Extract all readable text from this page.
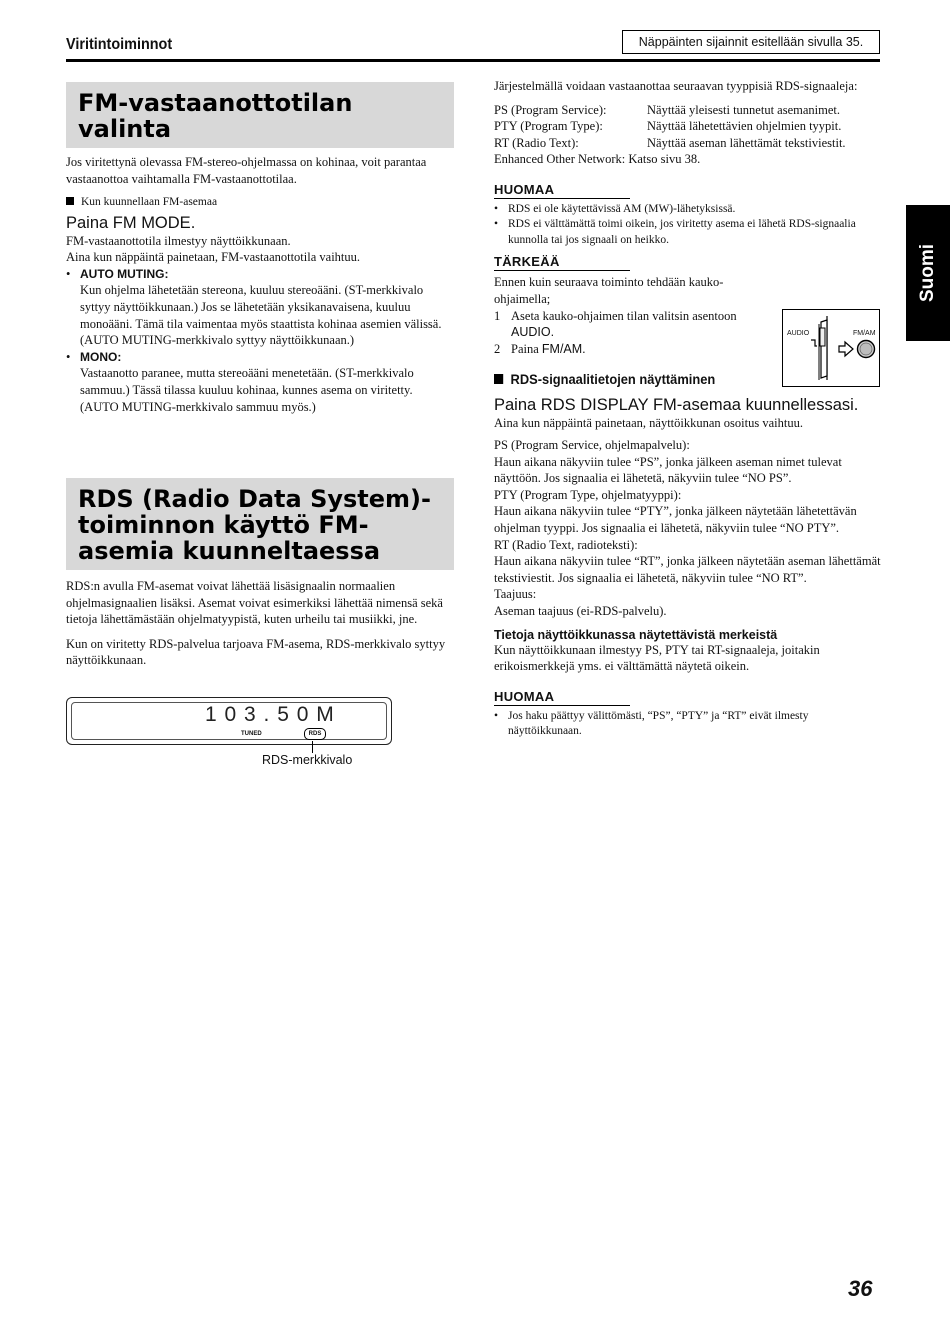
Viritintoiminnot	Näppäinten sijainnit esitellään sivulla 35.
Suomi
FM-vastaanottotilan valinta

Jos viritettynä olevassa FM-stereo-ohjelmassa on kohinaa, voit parantaa vastaanottoa vaihtamalla FM-vastaanottotilaa.

Kun kuunnellaan FM-asemaa

Paina FM MODE.

FM-vastaanottotila ilmestyy näyttöikkunaan.

Aina kun näppäintä painetaan, FM-vastaanottotila vaihtuu.

• AUTO MUTING:
Kun ohjelma lähetetään stereona, kuuluu stereoääni. (ST-merkkivalo syttyy näyttöikkunaan.) Jos se lähetetään yksikanavaisena, kuuluu monoääni. Tämä tila vaimentaa myös staattista kohinaa asemien välissä. (AUTO MUTING-merkkivalo syttyy näyttöikkunaan.)
• MONO:
Vastaanotto paranee, mutta stereoääni menetetään. (ST-merkkivalo sammuu.) Tässä tilassa kuuluu kohinaa, kunnes asema on viritetty. (AUTO MUTING-merkkivalo sammuu myös.)
RDS (Radio Data System)-toiminnon käyttö FM-asemia kuunneltaessa

RDS:n avulla FM-asemat voivat lähettää lisäsignaalin normaalien ohjelmasignaalien lisäksi. Asemat voivat esimerkiksi lähettää nimensä sekä tietoja lähettämästään ohjelmatyypistä, kuten urheilu tai musiikki, jne.

Kun on viritetty RDS-palvelua tarjoava FM-asema, RDS-merkkivalo syttyy näyttöikkunaan.

1 0 3 . 5 0 M
TUNED	RDS
RDS-merkkivalo

Järjestelmällä voidaan vastaanottaa seuraavan tyyppisiä RDS-signaaleja:

PS (Program Service):	Näyttää yleisesti tunnetut asemanimet.
PTY (Program Type):	Näyttää lähetettävien ohjelmien tyypit.
RT (Radio Text):	Näyttää aseman lähettämät tekstiviestit.
Enhanced Other Network: Katso sivu 38.
HUOMAA
• RDS ei ole käytettävissä AM (MW)-lähetyksissä.
• RDS ei välttämättä toimi oikein, jos viritetty asema ei lähetä RDS-signaalia kunnolla tai jos signaali on heikko.
TÄRKEÄÄ

Ennen kuin seuraava toiminto tehdään kauko-ohjaimella;

1 Aseta kauko-ohjaimen tilan valitsin asentoon AUDIO.
2 Paina FM/AM.

RDS-signaalitietojen näyttäminen

Paina RDS DISPLAY FM-asemaa kuunnellessasi.

Aina kun näppäintä painetaan, näyttöikkunan osoitus vaihtuu.

PS (Program Service, ohjelmapalvelu):

Haun aikana näkyviin tulee “PS”, jonka jälkeen aseman nimet tulevat näyttöön. Jos signaalia ei lähetetä, näkyviin tulee “NO PS”.

PTY (Program Type, ohjelmatyyppi):

Haun aikana näkyviin tulee “PTY”, jonka jälkeen näytetään lähetettävän ohjelman tyyppi. Jos signaalia ei lähetetä, näkyviin tulee “NO PTY”.

RT (Radio Text, radioteksti):

Haun aikana näkyviin tulee “RT”, jonka jälkeen näytetään aseman lähettämät tekstiviestit. Jos signaalia ei lähetetä, näkyviin tulee “NO RT”.

Taajuus:

Aseman taajuus (ei-RDS-palvelu).

Tietoja näyttöikkunassa näytettävistä merkeistä

Kun näyttöikkunaan ilmestyy PS, PTY tai RT-signaaleja, joitakin erikoismerkkejä yms. ei välttämättä näytetä oikein.

HUOMAA
• Jos haku päättyy välittömästi, “PS”, “PTY” ja “RT” eivät ilmesty näyttöikkunaan.
AUDIO	FM/AM
36
